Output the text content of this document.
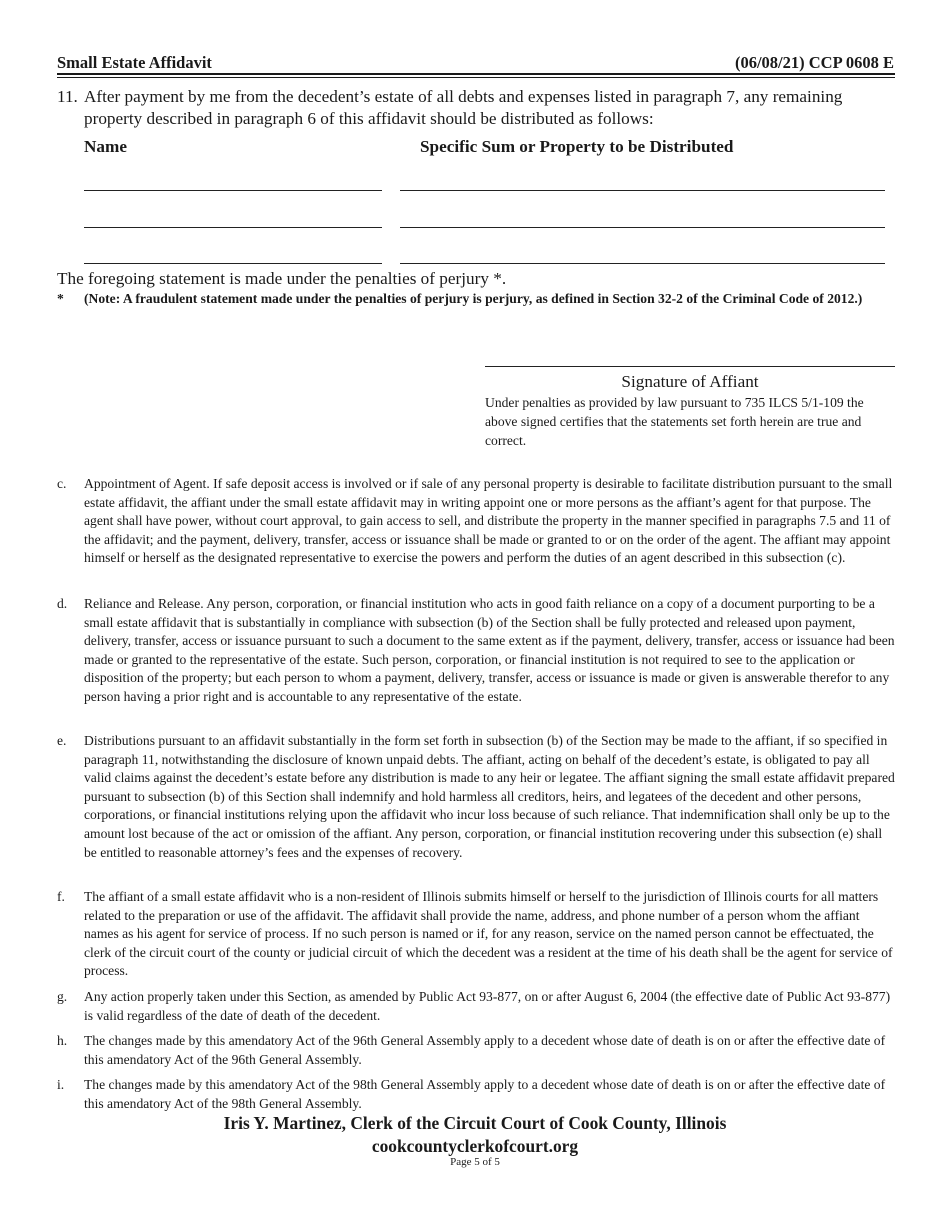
Small Estate Affidavit	(06/08/21) CCP 0608 E
11. After payment by me from the decedent’s estate of all debts and expenses listed in paragraph 7, any remaining property described in paragraph 6 of this affidavit should be distributed as follows:
Name	Specific Sum or Property to be Distributed
The foregoing statement is made under the penalties of perjury *.
* (Note: A fraudulent statement made under the penalties of perjury is perjury, as defined in Section 32-2 of the Criminal Code of 2012.)
Signature of Affiant
Under penalties as provided by law pursuant to 735 ILCS 5/1-109 the above signed certifies that the statements set forth herein are true and correct.
c. Appointment of Agent. If safe deposit access is involved or if sale of any personal property is desirable to facilitate distribution pursuant to the small estate affidavit, the affiant under the small estate affidavit may in writing appoint one or more persons as the affiant’s agent for that purpose. The agent shall have power, without court approval, to gain access to sell, and distribute the property in the manner specified in paragraphs 7.5 and 11 of the affidavit; and the payment, delivery, transfer, access or issuance shall be made or granted to or on the order of the agent. The affiant may appoint himself or herself as the designated representative to exercise the powers and perform the duties of an agent described in this subsection (c).
d. Reliance and Release. Any person, corporation, or financial institution who acts in good faith reliance on a copy of a document purporting to be a small estate affidavit that is substantially in compliance with subsection (b) of the Section shall be fully protected and released upon payment, delivery, transfer, access or issuance pursuant to such a document to the same extent as if the payment, delivery, transfer, access or issuance had been made or granted to the representative of the estate. Such person, corporation, or financial institution is not required to see to the application or disposition of the property; but each person to whom a payment, delivery, transfer, access or issuance is made or given is answerable therefor to any person having a prior right and is accountable to any representative of the estate.
e. Distributions pursuant to an affidavit substantially in the form set forth in subsection (b) of the Section may be made to the affiant, if so specified in paragraph 11, notwithstanding the disclosure of known unpaid debts. The affiant, acting on behalf of the decedent’s estate, is obligated to pay all valid claims against the decedent’s estate before any distribution is made to any heir or legatee. The affiant signing the small estate affidavit prepared pursuant to subsection (b) of this Section shall indemnify and hold harmless all creditors, heirs, and legatees of the decedent and other persons, corporations, or financial institutions relying upon the affidavit who incur loss because of such reliance. That indemnification shall only be up to the amount lost because of the act or omission of the affiant. Any person, corporation, or financial institution recovering under this subsection (e) shall be entitled to reasonable attorney’s fees and the expenses of recovery.
f. The affiant of a small estate affidavit who is a non-resident of Illinois submits himself or herself to the jurisdiction of Illinois courts for all matters related to the preparation or use of the affidavit. The affidavit shall provide the name, address, and phone number of a person whom the affiant names as his agent for service of process. If no such person is named or if, for any reason, service on the named person cannot be effectuated, the clerk of the circuit court of the county or judicial circuit of which the decedent was a resident at the time of his death shall be the agent for service of process.
g. Any action properly taken under this Section, as amended by Public Act 93-877, on or after August 6, 2004 (the effective date of Public Act 93-877) is valid regardless of the date of death of the decedent.
h. The changes made by this amendatory Act of the 96th General Assembly apply to a decedent whose date of death is on or after the effective date of this amendatory Act of the 96th General Assembly.
i. The changes made by this amendatory Act of the 98th General Assembly apply to a decedent whose date of death is on or after the effective date of this amendatory Act of the 98th General Assembly.
Iris Y. Martinez, Clerk of the Circuit Court of Cook County, Illinois
cookcountyclerkofcourt.org
Page 5 of 5
